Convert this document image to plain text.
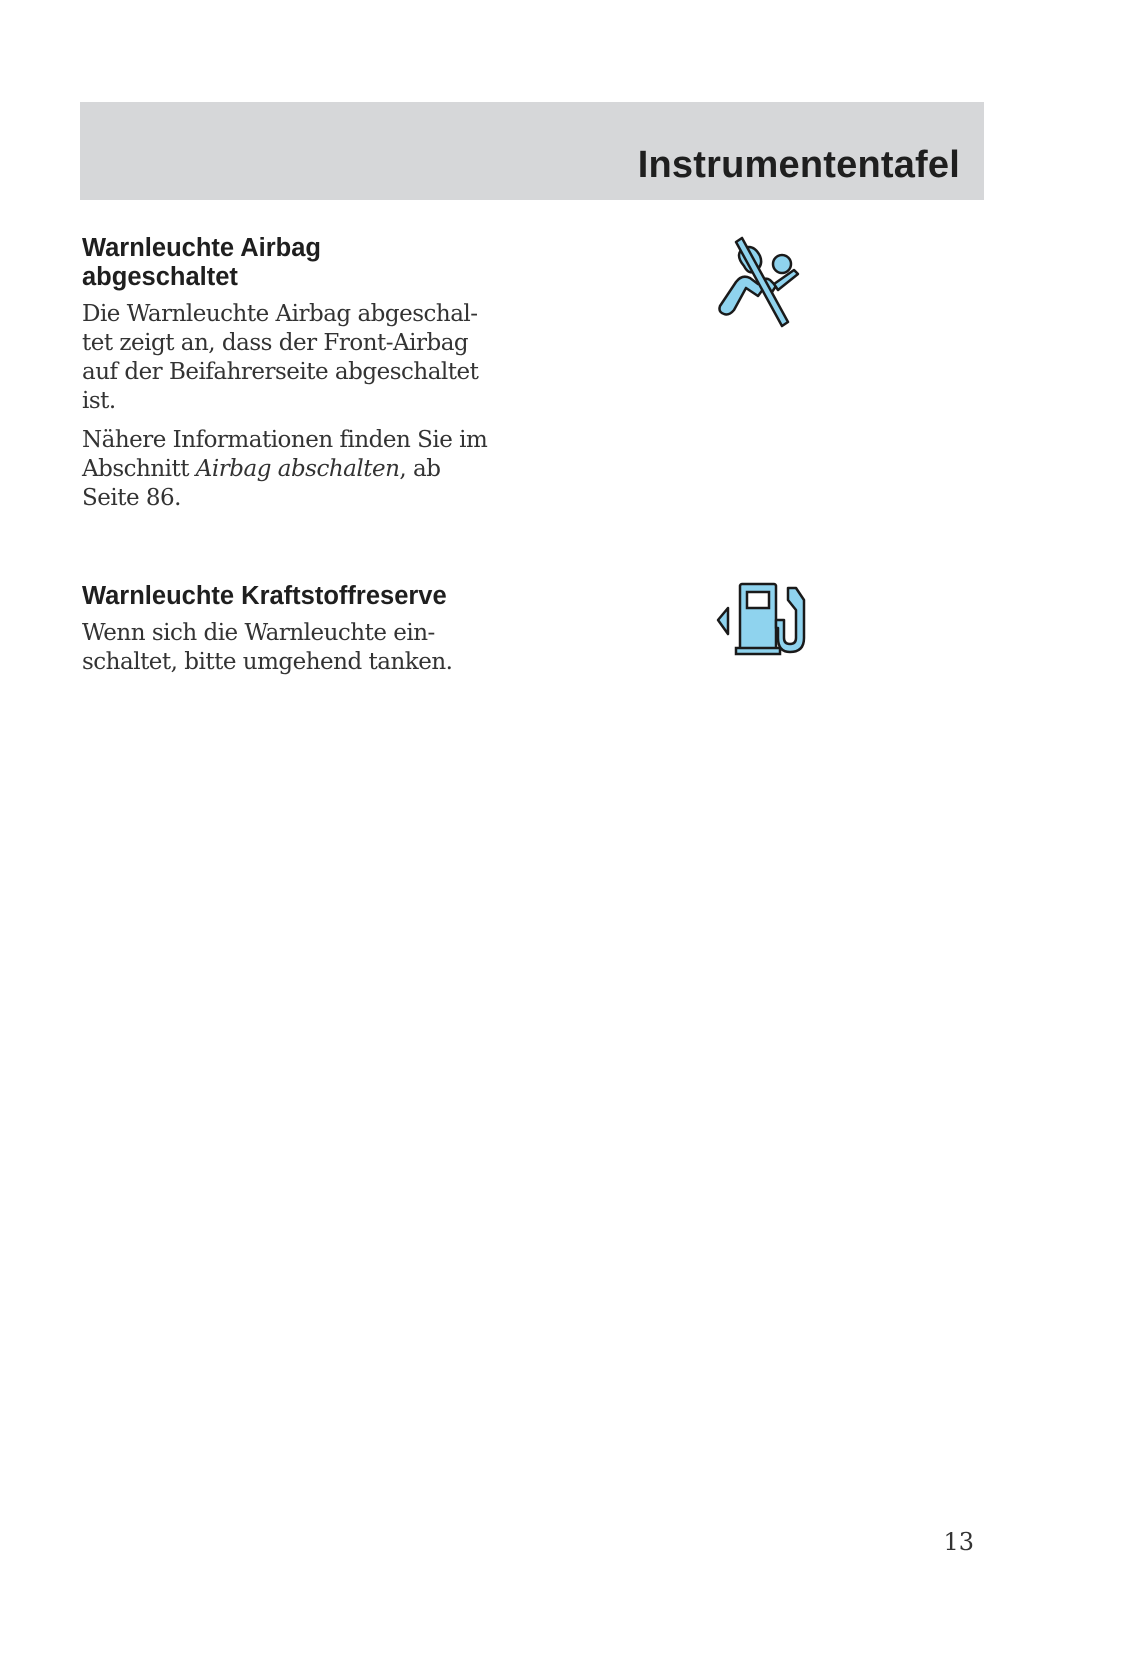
Instrumententafel
Warnleuchte Airbag
abgeschaltet

Die Warnleuchte Airbag abgeschal-
tet zeigt an, dass der Front-Airbag
auf der Beifahrerseite abgeschaltet
ist.

Nähere Informationen finden Sie im
Abschnitt Airbag abschalten, ab
Seite 86.

Warnleuchte Kraftstoffreserve

Wenn sich die Warnleuchte ein-
schaltet, bitte umgehend tanken.

13
